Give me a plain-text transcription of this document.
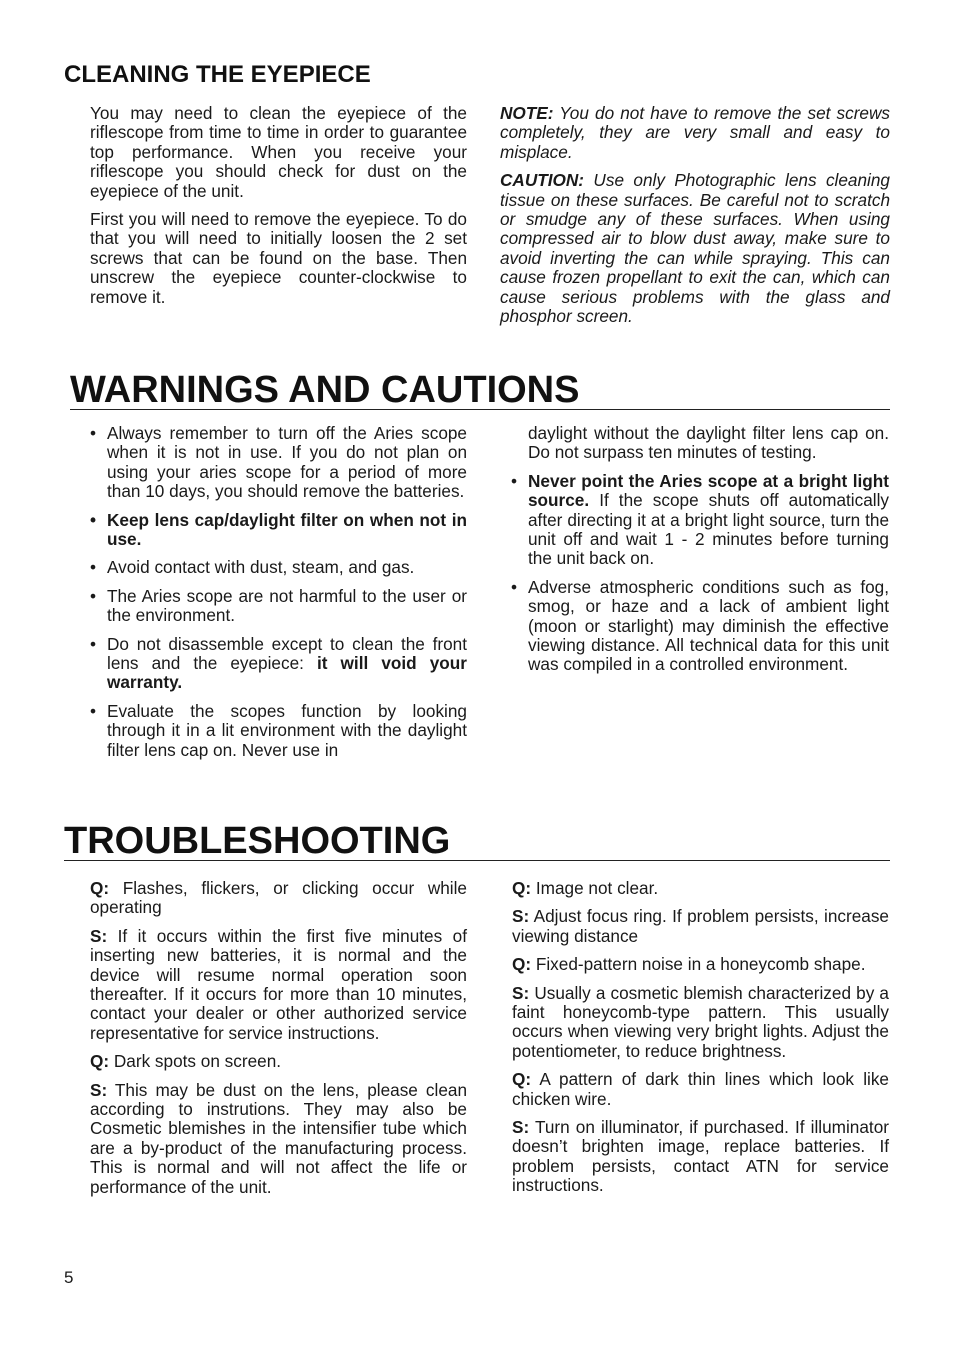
CLEANING THE EYEPIECE

You may need to clean the eyepiece of the riflescope from time to time in order to guarantee top performance. When you receive your riflescope you should check for dust on the eyepiece of the unit.

First you will need to remove the eyepiece. To do that you will need to initially loosen the 2 set screws that can be found on the base. Then unscrew the eyepiece counter-clockwise to remove it.

NOTE: You do not have to remove the set screws completely, they are very small and easy to misplace.

CAUTION: Use only Photographic lens cleaning tissue on these surfaces. Be careful not to scratch or smudge any of these surfaces. When using compressed air to blow dust away, make sure to avoid inverting the can while spraying. This can cause frozen propellant to exit the can, which can cause serious problems with the glass and phosphor screen.

WARNINGS AND CAUTIONS
• Always remember to turn off the Aries scope when it is not in use. If you do not plan on using your aries scope for a period of more than 10 days, you should remove the batteries.
• Keep lens cap/daylight filter on when not in use.
• Avoid contact with dust, steam, and gas.
• The Aries scope are not harmful to the user or the environment.
• Do not disassemble except to clean the front lens and the eyepiece: it will void your warranty.
• Evaluate the scopes function by looking through it in a lit environment with the daylight filter lens cap on. Never use in
daylight without the daylight filter lens cap on. Do not surpass ten minutes of testing.
• Never point the Aries scope at a bright light source. If the scope shuts off automatically after directing it at a bright light source, turn the unit off and wait 1 - 2 minutes before turning the unit back on.
• Adverse atmospheric conditions such as fog, smog, or haze and a lack of ambient light (moon or starlight) may diminish the effective viewing distance. All technical data for this unit was compiled in a controlled environment.
TROUBLESHOOTING

Q: Flashes, flickers, or clicking occur while operating

S: If it occurs within the first five minutes of inserting new batteries, it is normal and the device will resume normal operation soon thereafter. If it occurs for more than 10 minutes, contact your dealer or other authorized service representative for service instructions.

Q: Dark spots on screen.

S: This may be dust on the lens, please clean according to instrutions. They may also be Cosmetic blemishes in the intensifier tube which are a by-product of the manufacturing process. This is normal and will not affect the life or performance of the unit.

Q: Image not clear.

S: Adjust focus ring. If problem persists, increase viewing distance

Q: Fixed-pattern noise in a honeycomb shape.

S: Usually a cosmetic blemish characterized by a faint honeycomb-type pattern. This usually occurs when viewing very bright lights. Adjust the potentiometer, to reduce brightness.

Q: A pattern of dark thin lines which look like chicken wire.

S: Turn on illuminator, if purchased. If illuminator doesn’t brighten image, replace batteries. If problem persists, contact ATN for service instructions.

5
